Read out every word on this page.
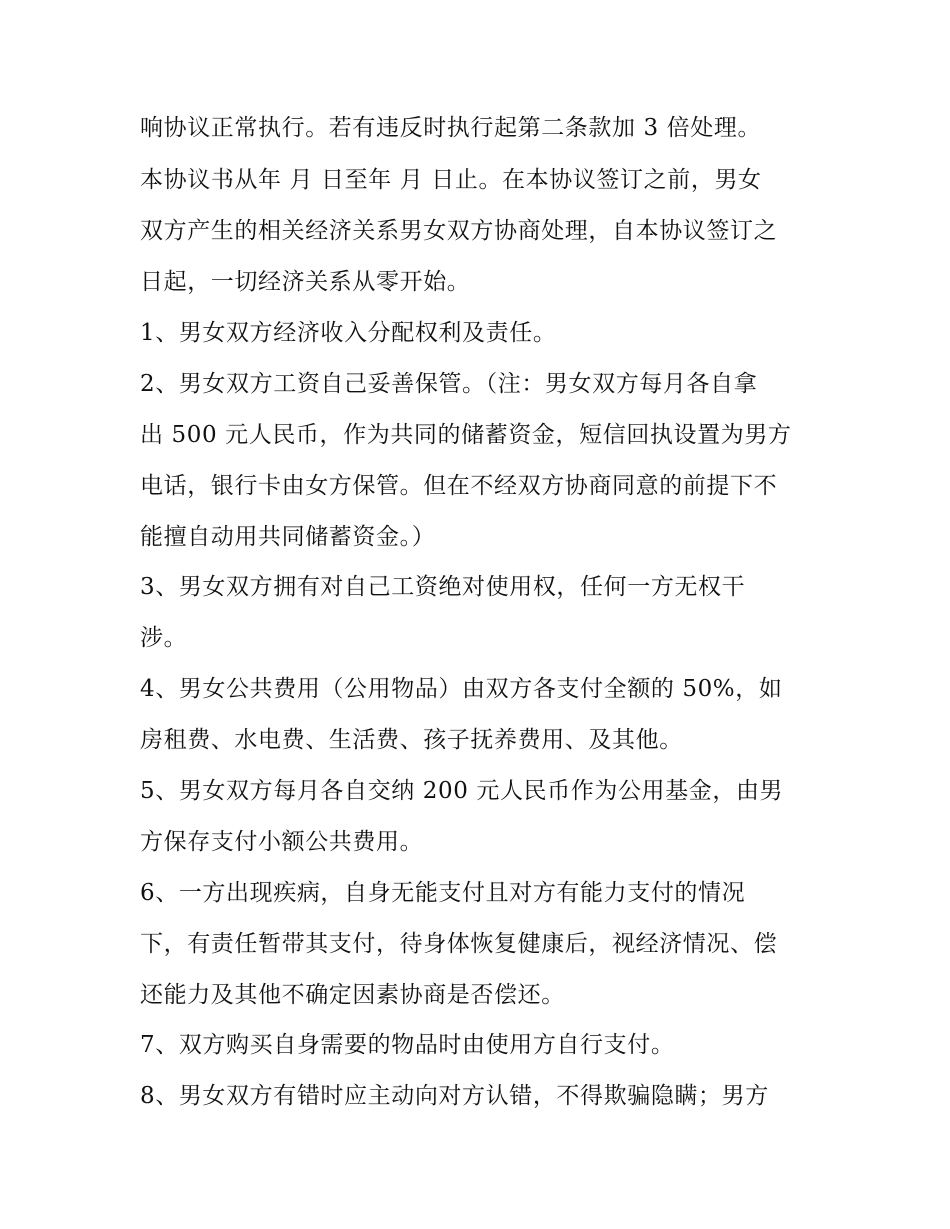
响协议正常执行。若有违反时执行起第二条款加 3 倍处理。
本协议书从年 月 日至年 月 日止。在本协议签订之前，男女
双方产生的相关经济关系男女双方协商处理，自本协议签订之
日起，一切经济关系从零开始。
1、男女双方经济收入分配权利及责任。
2、男女双方工资自己妥善保管。（注：男女双方每月各自拿
出 500 元人民币，作为共同的储蓄资金，短信回执设置为男方
电话，银行卡由女方保管。但在不经双方协商同意的前提下不
能擅自动用共同储蓄资金。）
3、男女双方拥有对自己工资绝对使用权，任何一方无权干
涉。
4、男女公共费用（公用物品）由双方各支付全额的 50%，如
房租费、水电费、生活费、孩子抚养费用、及其他。
5、男女双方每月各自交纳 200 元人民币作为公用基金，由男
方保存支付小额公共费用。
6、一方出现疾病，自身无能支付且对方有能力支付的情况
下，有责任暂带其支付，待身体恢复健康后，视经济情况、偿
还能力及其他不确定因素协商是否偿还。
7、双方购买自身需要的物品时由使用方自行支付。
8、男女双方有错时应主动向对方认错，不得欺骗隐瞒；男方
